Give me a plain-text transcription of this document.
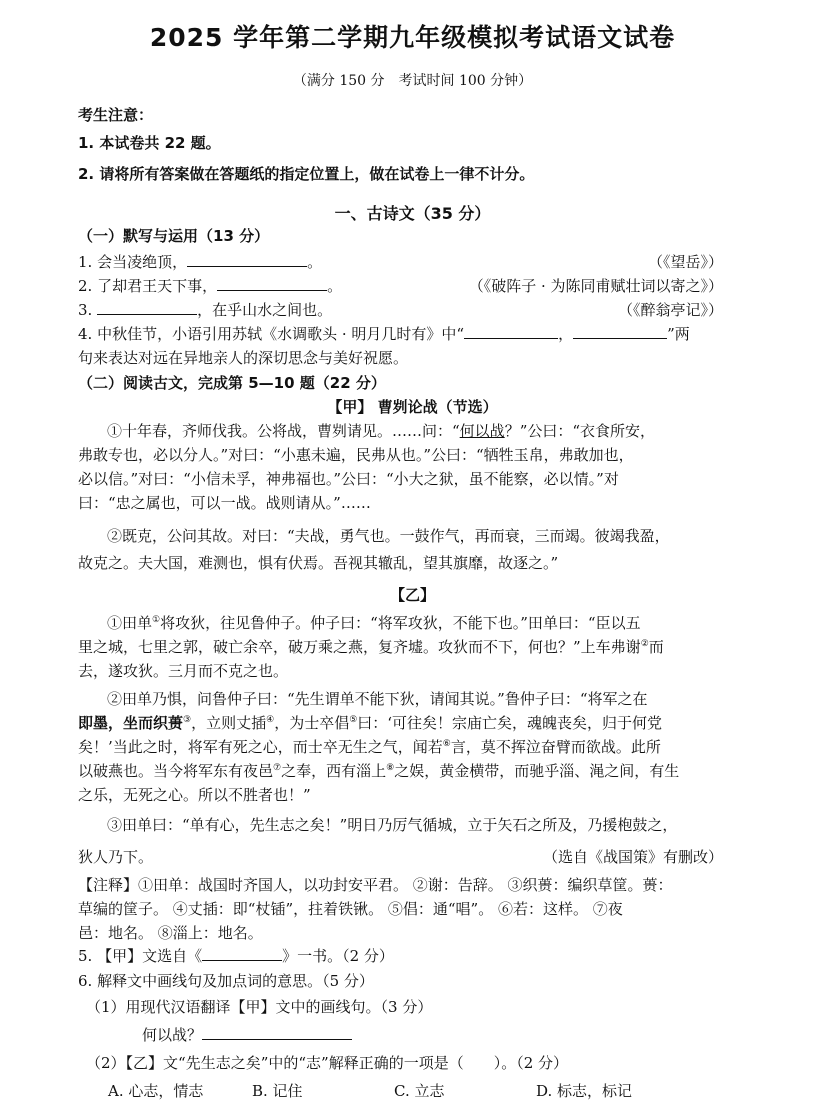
2025 学年第二学期九年级模拟考试语文试卷
（满分 150 分　考试时间 100 分钟）
考生注意：
1. 本试卷共 22 题。
2. 请将所有答案做在答题纸的指定位置上，做在试卷上一律不计分。
一、古诗文（35 分）
（一）默写与运用（13 分）
1. 会当凌绝顶，	。	（《望岳》）
2. 了却君王天下事，	。	（《破阵子 · 为陈同甫赋壮词以寄之》）
3.	，在乎山水之间也。	（《醉翁亭记》）
4. 中秋佳节，小语引用苏轼《水调歌头 · 明月几时有》中“	，	”两
句来表达对远在异地亲人的深切思念与美好祝愿。
（二）阅读古文，完成第 5—10 题（22 分）
【甲】 曹刿论战（节选）
①十年春，齐师伐我。公将战，曹刿请见。……问：“何以战？”公曰：“衣食所安，
弗敢专也，必以分人。”对曰：“小惠未遍，民弗从也。”公曰：“牺牲玉帛，弗敢加也，
必以信。”对曰：“小信未孚，神弗福也。”公曰：“小大之狱，虽不能察，必以情。”对
曰：“忠之属也，可以一战。战则请从。”……
②既克，公问其故。对曰：“夫战，勇气也。一鼓作气，再而衰，三而竭。彼竭我盈，
故克之。夫大国，难测也，惧有伏焉。吾视其辙乱，望其旗靡，故逐之。”
【乙】
①田单①将攻狄，往见鲁仲子。仲子曰：“将军攻狄，不能下也。”田单曰：“臣以五
里之城，七里之郭，破亡余卒，破万乘之燕，复齐墟。攻狄而不下，何也？”上车弗谢②而
去，遂攻狄。三月而不克之也。
②田单乃惧，问鲁仲子曰：“先生谓单不能下狄，请闻其说。”鲁仲子曰：“将军之在
即墨，坐而织蒉③，立则丈插④，为士卒倡⑤曰：‘可往矣！宗庙亡矣，魂魄丧矣，归于何党
矣！’当此之时，将军有死之心，而士卒无生之气，闻若⑥言，莫不挥泣奋臂而欲战。此所
以破燕也。当今将军东有夜邑⑦之奉，西有淄上⑧之娱，黄金横带，而驰乎淄、渑之间，有生
之乐，无死之心。所以不胜者也！”
③田单曰：“单有心，先生志之矣！”明日乃厉气循城，立于矢石之所及，乃援枹鼓之，
狄人乃下。	（选自《战国策》有删改）
【注释】①田单：战国时齐国人，以功封安平君。 ②谢：告辞。 ③织蒉：编织草筐。蒉：
草编的筐子。 ④丈插：即“杖锸”，拄着铁锹。 ⑤倡：通“唱”。 ⑥若：这样。 ⑦夜
邑：地名。 ⑧淄上：地名。
5. 【甲】文选自《	》一书。（2 分）
6. 解释文中画线句及加点词的意思。（5 分）
（1）用现代汉语翻译【甲】文中的画线句。（3 分）
何以战？
（2）【乙】文“先生志之矣”中的“志”解释正确的一项是（　　）。（2 分）
A. 心志，情志	B. 记住	C. 立志	D. 标志，标记
